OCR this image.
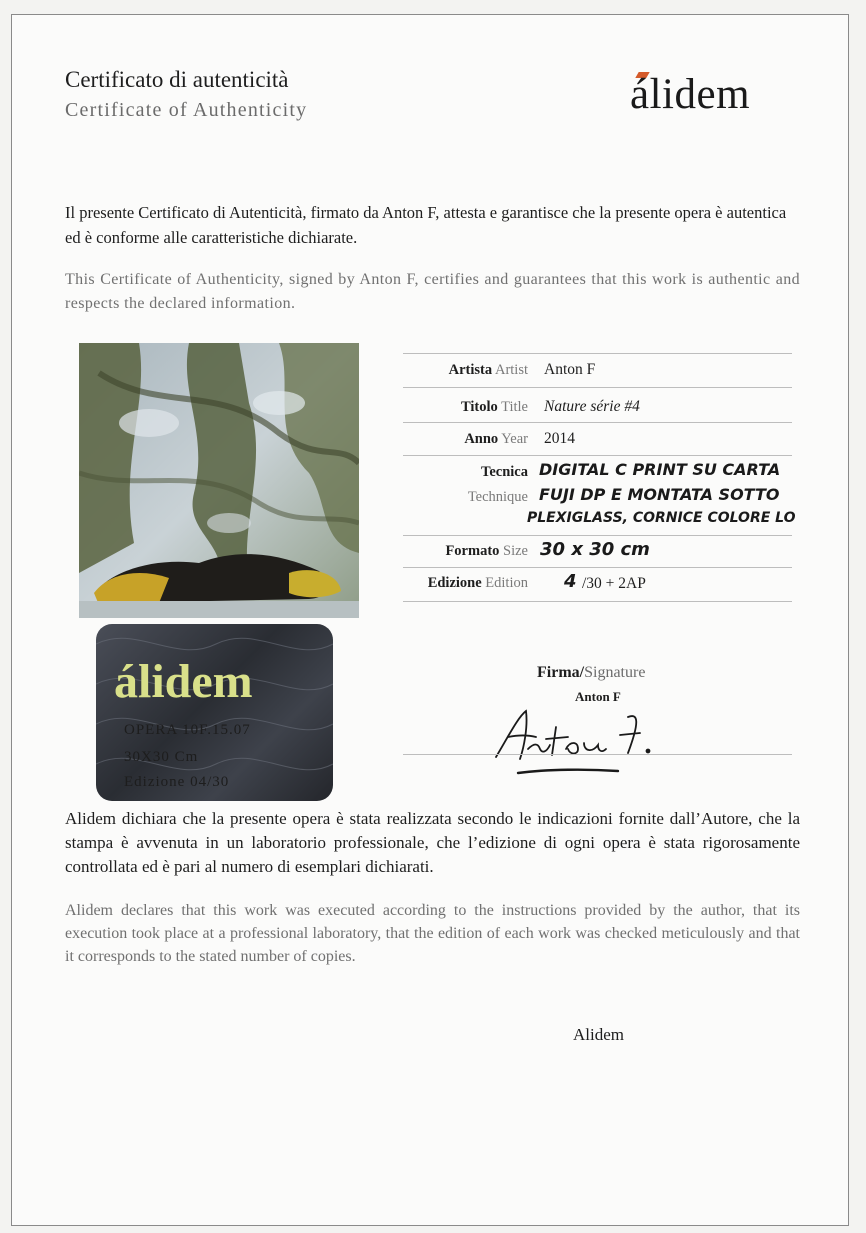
Certificato di autenticità
Certificate of Authenticity	álidem
Il presente Certificato di Autenticità, firmato da Anton F, attesta e garantisce che la presente opera è autentica ed è conforme alle caratteristiche dichiarate.
This Certificate of Authenticity, signed by Anton F, certifies and guarantees that this work is authentic and respects the declared information.
álidem
OPERA 10F.15.07
30X30 Cm
Edizione 04/30
Artista Artist Anton F
Titolo Title Nature série #4
Anno Year 2014
Tecnica
Technique
DIGITAL C PRINT SU CARTA
FUJI DP E MONTATA SOTTO
PLEXIGLASS, CORNICE COLORE LO
Formato Size 30 x 30 cm
Edizione Edition 4 /30 + 2AP
Firma/Signature
Anton F
Alidem dichiara che la presente opera è stata realizzata secondo le indicazioni fornite dall’Autore, che la stampa è avvenuta in un laboratorio professionale, che l’edizione di ogni opera è stata rigorosamente controllata ed è pari al numero di esemplari dichiarati.
Alidem declares that this work was executed according to the instructions provided by the author, that its execution took place at a professional laboratory, that the edition of each work was checked meticulously and that it corresponds to the stated number of copies.
Alidem
